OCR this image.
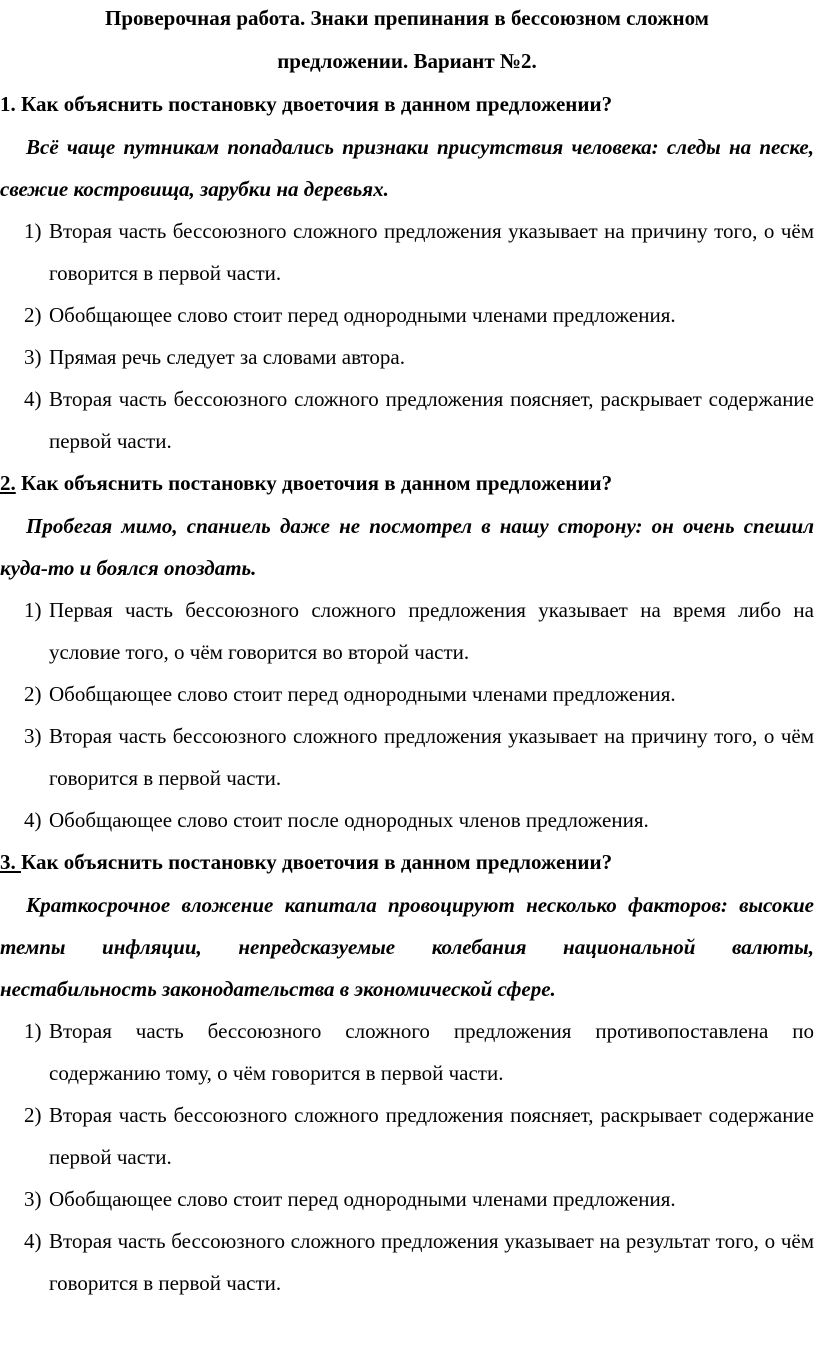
Проверочная работа. Знаки препинания в бессоюзном сложном
предложении. Вариант №2.
1. Как объяснить постановку двоеточия в данном предложении?

Всё чаще путникам попадались признаки присутствия человека: следы на песке, свежие костровища, зарубки на деревьях.

1) Вторая часть бессоюзного сложного предложения указывает на причину того, о чём говорится в первой части.
2) Обобщающее слово стоит перед однородными членами предложения.
3) Прямая речь следует за словами автора.
4) Вторая часть бессоюзного сложного предложения поясняет, раскрывает содержание первой части.
2. Как объяснить постановку двоеточия в данном предложении?

Пробегая мимо, спаниель даже не посмотрел в нашу сторону: он очень спешил куда-то и боялся опоздать.

1) Первая часть бессоюзного сложного предложения указывает на время либо на условие того, о чём говорится во второй части.
2) Обобщающее слово стоит перед однородными членами предложения.
3) Вторая часть бессоюзного сложного предложения указывает на причину того, о чём говорится в первой части.
4) Обобщающее слово стоит после однородных членов предложения.
3. Как объяснить постановку двоеточия в данном предложении?

Краткосрочное вложение капитала провоцируют несколько факторов: высокие темпы инфляции, непредсказуемые колебания национальной валюты, нестабильность законодательства в экономической сфере.

1) Вторая часть бессоюзного сложного предложения противопоставлена по содержанию тому, о чём говорится в первой части.
2) Вторая часть бессоюзного сложного предложения поясняет, раскрывает содержание первой части.
3) Обобщающее слово стоит перед однородными членами предложения.
4) Вторая часть бессоюзного сложного предложения указывает на результат того, о чём говорится в первой части.
